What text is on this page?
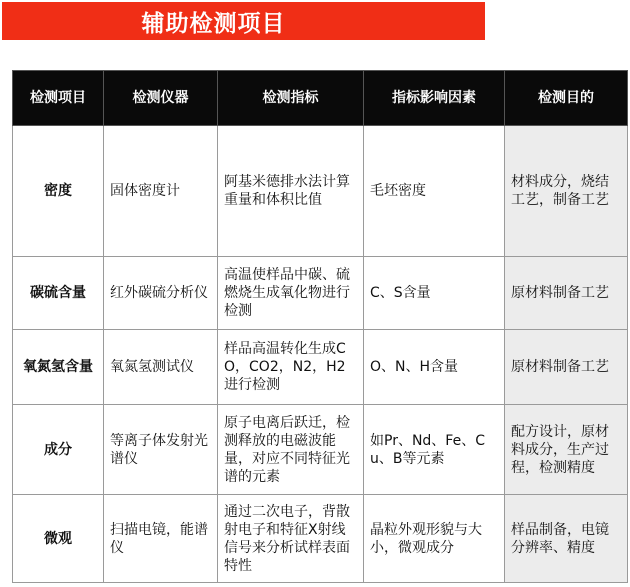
辅助检测项目
检测项目	检测仪器	检测指标	指标影响因素	检测目的
密度	固体密度计	阿基米德排水法计算重量和体积比值	毛坯密度	材料成分，烧结工艺，制备工艺
碳硫含量	红外碳硫分析仪	高温使样品中碳、硫燃烧生成氧化物进行检测	C、S含量	原材料制备工艺
氧氮氢含量	氧氮氢测试仪	样品高温转化生成CO，CO2，N2，H2进行检测	O、N、H含量	原材料制备工艺
成分	等离子体发射光谱仪	原子电离后跃迁，检测释放的电磁波能量，对应不同特征光谱的元素	如Pr、Nd、Fe、Cu、B等元素	配方设计，原材料成分，生产过程，检测精度
微观	扫描电镜，能谱仪	通过二次电子，背散射电子和特征X射线信号来分析试样表面特性	晶粒外观形貌与大小，微观成分	样品制备，电镜分辨率、精度
